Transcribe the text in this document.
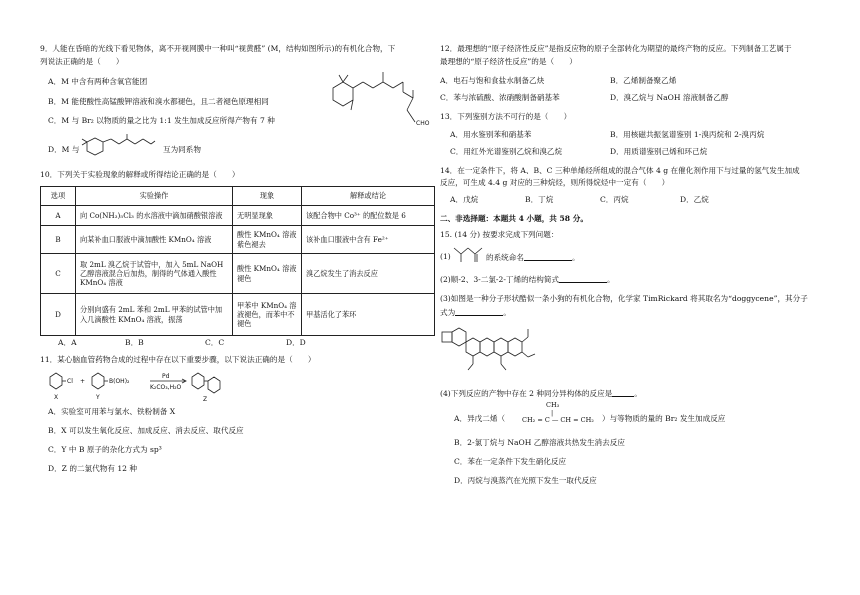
9．人能在昏暗的光线下看见物体，离不开视网膜中一种叫“视黄醛” (M，结构如图所示)的有机化合物，下

列说法正确的是（　　）

A．M 中含有两种含氧官能团

B．M 能使酸性高锰酸钾溶液和溴水都褪色，且二者褪色原理相同

C．M 与 Br₂ 以物质的量之比为 1:1 发生加成反应所得产物有 7 种

D．M 与	互为同系物
CHO

10．下列关于实验现象的解释或所得结论正确的是（　　）

选项	实验操作	现象	解释或结论
A	向 Co(NH₃)₅Cl₃ 的水溶液中滴加硝酸银溶液	无明显现象	该配合物中 Co³⁺ 的配位数是 6
B	向某补血口服液中滴加酸性 KMnO₄ 溶液	酸性 KMnO₄ 溶液紫色褪去	该补血口服液中含有 Fe²⁺
C	取 2mL 溴乙烷于试管中，加入 5mL NaOH 乙醇溶液混合后加热，制得的气体通入酸性 KMnO₄ 溶液	酸性 KMnO₄ 溶液褪色	溴乙烷发生了消去反应
D	分别向盛有 2mL 苯和 2mL 甲苯的试管中加入几滴酸性 KMnO₄ 溶液，振荡	甲苯中 KMnO₄ 溶液褪色，而苯中不褪色	甲基活化了苯环
A．A	B．B	C．C	D．D

11．某心脑血管药物合成的过程中存在以下重要步骤，以下说法正确的是（　　）

Cl
X
+	B(OH)₂
Y
Pd
K₂CO₃,H₂O
Z

A．实验室可用苯与氯水、铁粉制备 X

B．X 可以发生氧化反应、加成反应、消去反应、取代反应

C．Y 中 B 原子的杂化方式为 sp³

D．Z 的二氯代物有 12 种

12．最理想的“原子经济性反应”是指反应物的原子全部转化为期望的最终产物的反应。下列制备工艺属于

最理想的“原子经济性反应”的是（　　）

A．电石与饱和食盐水制备乙炔	B．乙烯制备聚乙烯
C．苯与浓硫酸、浓硝酸制备硝基苯	D．溴乙烷与 NaOH 溶液制备乙醇

13．下列鉴别方法不可行的是（　　）

A．用水鉴别苯和硝基苯	B．用核磁共振氢谱鉴别 1-溴丙烷和 2-溴丙烷
C．用红外光谱鉴别乙烷和溴乙烷	D．用质谱鉴别己烯和环己烷

14．在一定条件下，将 A、B、C 三种单烯烃所组成的混合气体 4 g 在催化剂作用下与过量的氢气发生加成

反应，可生成 4.4 g 对应的三种烷烃，则所得烷烃中一定有（　　）

A．戊烷	B．丁烷	C．丙烷	D．乙烷

二、非选择题：本题共 4 小题，共 58 分。

15. (14 分) 按要求完成下列问题：

(1)	的系统命名	。

(2)顺-2、3-二氯-2-丁烯的结构简式	。

(3)如图是一种分子形状酷似一条小狗的有机化合物，化学家 TimRickard 将其取名为“doggycene”，其分子

式为	。

(4)下列反应的产物中存在 2 种同分异构体的反应是	。

A．异戊二烯（
CH₃
|
CH₂ = C — CH = CH₂ ）与等物质的量的 Br₂ 发生加成反应

B．2-氯丁烷与 NaOH 乙醇溶液共热发生消去反应

C．苯在一定条件下发生硝化反应

D．丙烷与溴蒸汽在光照下发生一取代反应
